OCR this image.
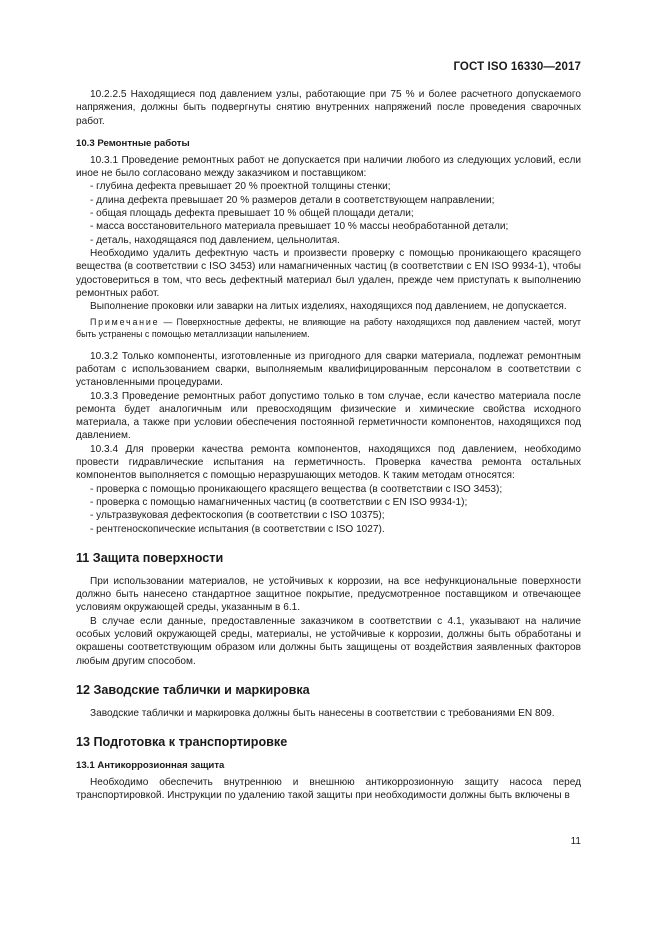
ГОСТ ISO 16330—2017

10.2.2.5 Находящиеся под давлением узлы, работающие при 75 % и более расчетного допускаемого напряжения, должны быть подвергнуты снятию внутренних напряжений после проведения сварочных работ.

10.3 Ремонтные работы

10.3.1 Проведение ремонтных работ не допускается при наличии любого из следующих условий, если иное не было согласовано между заказчиком и поставщиком:

- глубина дефекта превышает 20 % проектной толщины стенки;
- длина дефекта превышает 20 % размеров детали в соответствующем направлении;
- общая площадь дефекта превышает 10 % общей площади детали;
- масса восстановительного материала превышает 10 % массы необработанной детали;
- деталь, находящаяся под давлением, цельнолитая.

Необходимо удалить дефектную часть и произвести проверку с помощью проникающего красящего вещества (в соответствии с ISO 3453) или намагниченных частиц (в соответствии с EN ISO 9934-1), чтобы удостовериться в том, что весь дефектный материал был удален, прежде чем приступать к выполнению ремонтных работ.

Выполнение проковки или заварки на литых изделиях, находящихся под давлением, не допускается.

Примечание — Поверхностные дефекты, не влияющие на работу находящихся под давлением частей, могут быть устранены с помощью металлизации напылением.

10.3.2 Только компоненты, изготовленные из пригодного для сварки материала, подлежат ремонтным работам с использованием сварки, выполняемым квалифицированным персоналом в соответствии с установленными процедурами.

10.3.3 Проведение ремонтных работ допустимо только в том случае, если качество материала после ремонта будет аналогичным или превосходящим физические и химические свойства исходного материала, а также при условии обеспечения постоянной герметичности компонентов, находящихся под давлением.

10.3.4 Для проверки качества ремонта компонентов, находящихся под давлением, необходимо провести гидравлические испытания на герметичность. Проверка качества ремонта остальных компонентов выполняется с помощью неразрушающих методов. К таким методам относятся:

- проверка с помощью проникающего красящего вещества (в соответствии с ISO 3453);
- проверка с помощью намагниченных частиц (в соответствии с EN ISO 9934-1);
- ультразвуковая дефектоскопия (в соответствии с ISO 10375);
- рентгеноскопические испытания (в соответствии с ISO 1027).
11 Защита поверхности

При использовании материалов, не устойчивых к коррозии, на все нефункциональные поверхности должно быть нанесено стандартное защитное покрытие, предусмотренное поставщиком и отвечающее условиям окружающей среды, указанным в 6.1.

В случае если данные, предоставленные заказчиком в соответствии с 4.1, указывают на наличие особых условий окружающей среды, материалы, не устойчивые к коррозии, должны быть обработаны и окрашены соответствующим образом или должны быть защищены от воздействия заявленных факторов любым другим способом.

12 Заводские таблички и маркировка

Заводские таблички и маркировка должны быть нанесены в соответствии с требованиями EN 809.

13 Подготовка к транспортировке
13.1 Антикоррозионная защита

Необходимо обеспечить внутреннюю и внешнюю антикоррозионную защиту насоса перед транспортировкой. Инструкции по удалению такой защиты при необходимости должны быть включены в

11
